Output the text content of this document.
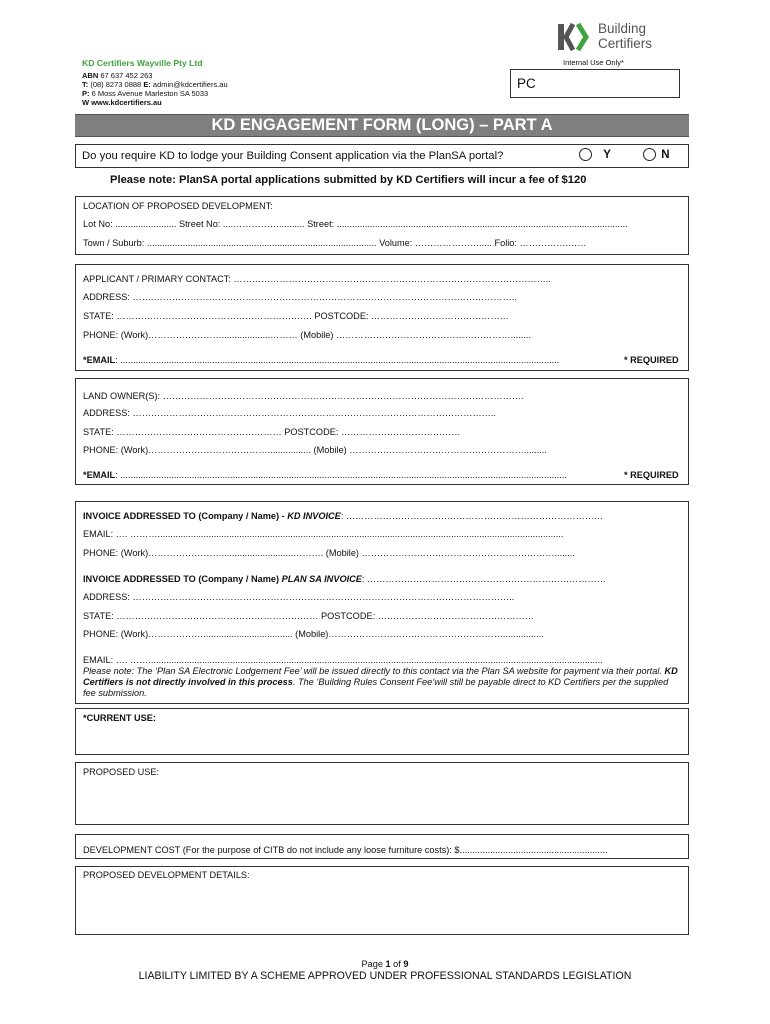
KD Certifiers Wayville Pty Ltd
ABN 67 637 452 263
T: (08) 8273 0888 E: admin@kdcertifiers.au
P: 6 Moss Avenue Marleston SA 5033
W www.kdcertifiers.au
Building
Certifiers
Internal Use Only*
PC
KD ENGAGEMENT FORM (LONG) – PART A
Do you require KD to lodge your Building Consent application via the PlanSA portal?	Y	N
Please note: PlanSA portal applications submitted by KD Certifiers will incur a fee of $120
LOCATION OF PROPOSED DEVELOPMENT:
Lot No: ........................ Street No: ....…………….......... Street: ..................................................................................................................
Town / Suburb: .......................................................................................... Volume: …………………..... Folio: …………….……
APPLICANT / PRIMARY CONTACT: …………………………………………………………………………………………..
ADDRESS: …….………………………………………………………………………………………………………..
STATE: ………………………………………………………. POSTCODE: ………………………………………
PHONE: (Work)……………………...................……… (Mobile) …………………………………………………........
*EMAIL: ............................................................................................................................................................................	* REQUIRED
LAND OWNER(S): ……………………………………………………………………………………………………….
ADDRESS: ………………………………………………………………………………………………………..
STATE: ……………………………………………… POSTCODE: …………………………………
PHONE: (Work)…………………………………................. (Mobile) ………………………………………………….........
*EMAIL: ...............................................................................................................................................................................	* REQUIRED
INVOICE ADDRESSED TO (Company / Name) - KD INVOICE: …………………………………………………………………………
EMAIL: …. ………...............................................................................................................................................................
PHONE: (Work)……………………............................………. (Mobile) ………………………………………………………........
INVOICE ADDRESSED TO (Company / Name) PLAN SA INVOICE: ……………………………………………………………………
ADDRESS: ……………………………………………………………………………………………………………..
STATE: ………………………………………………………… POSTCODE: ……………………………………………
PHONE: (Work)………………................................... (Mobile)…………………………………………………................
EMAIL: …. ……..................................................................................................................................................................................
Please note: The ‘Plan SA Electronic Lodgement Fee’ will be issued directly to this contact via the Plan SA website for payment via their portal. KD Certifiers is not directly involved in this process. The ‘Building Rules Consent Fee’will still be payable direct to KD Certifiers per the supplied fee submission.
*CURRENT USE:
PROPOSED USE:
DEVELOPMENT COST (For the purpose of CITB do not include any loose furniture costs): $..........................................................
PROPOSED DEVELOPMENT DETAILS:
Page 1 of 9
LIABILITY LIMITED BY A SCHEME APPROVED UNDER PROFESSIONAL STANDARDS LEGISLATION
